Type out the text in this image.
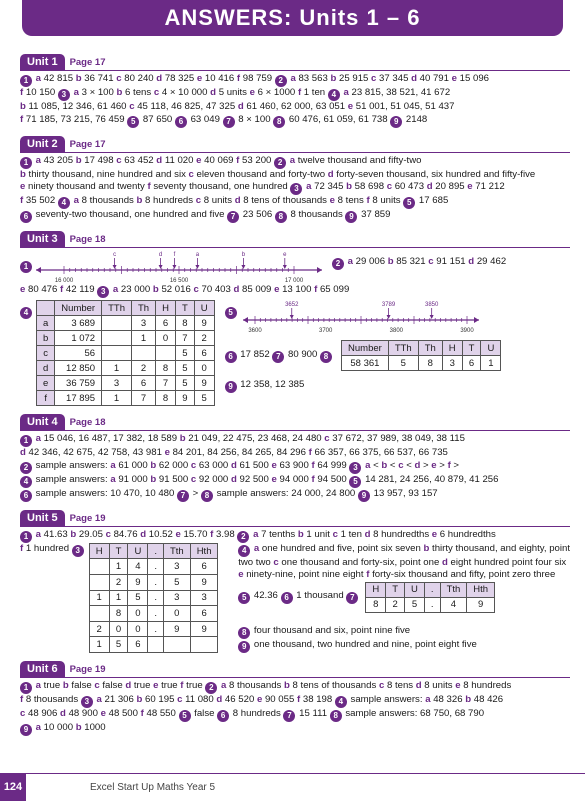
ANSWERS: Units 1 – 6
Unit 1	Page 17
1 a 42 815 b 36 741 c 80 240 d 78 325 e 10 416 f 98 759 2 a 83 563 b 25 915 c 37 345 d 40 791 e 15 096
f 10 150 3 a 3 × 100 b 6 tens c 4 × 10 000 d 5 units e 6 × 1000 f 1 ten 4 a 23 815, 38 521, 41 672
b 11 085, 12 346, 61 460 c 45 118, 46 825, 47 325 d 61 460, 62 000, 63 051 e 51 001, 51 045, 51 437
f 71 185, 73 215, 76 459 5 87 650 6 63 049 7 8 × 100 8 60 476, 61 059, 61 738 9 2148
Unit 2	Page 17
1 a 43 205 b 17 498 c 63 452 d 11 020 e 40 069 f 53 200 2 a twelve thousand and fifty-two
b thirty thousand, nine hundred and six c eleven thousand and forty-two d forty-seven thousand, six hundred and fifty-five
e ninety thousand and twenty f seventy thousand, one hundred 3 a 72 345 b 58 698 c 60 473 d 20 895 e 71 212
f 35 502 4 a 8 thousands b 8 hundreds c 8 units d 8 tens of thousands e 8 tens f 8 units 5 17 685
6 seventy-two thousand, one hundred and five 7 23 506 8 8 thousands 9 37 859
Unit 3	Page 18
1
16 000	16 500	17 000
a	b
c	d	e
f
2 a 29 006 b 85 321 c 91 151 d 29 462
e 80 476 f 42 119 3 a 23 000 b 52 016 c 70 403 d 85 009 e 13 100 f 65 099
4
		Number	TTh	Th	H	T	U
a	3 689		3	6	8	9
b	1 072		1	0	7	2
c	56				5	6
d	12 850	1	2	8	5	0
e	36 759	3	6	7	5	9
f	17 895	1	7	8	9	5
5
3600	3700	3800	3900
3652	3789	3850
6 17 852 7 80 900 8
Number	TTh	Th	H	T	U
58 361	5	8	3	6	1
9 12 358, 12 385
Unit 4	Page 18
1 a 15 046, 16 487, 17 382, 18 589 b 21 049, 22 475, 23 468, 24 480 c 37 672, 37 989, 38 049, 38 115
d 42 346, 42 675, 42 758, 43 981 e 84 201, 84 256, 84 265, 84 296 f 66 357, 66 375, 66 537, 66 735
2 sample answers: a 61 000 b 62 000 c 63 000 d 61 500 e 63 900 f 64 999 3 a < b < c < d > e > f >
4 sample answers: a 91 000 b 91 500 c 92 000 d 92 500 e 94 000 f 94 500 5 14 281, 24 256, 40 879, 41 256
6 sample answers: 10 470, 10 480 7 > 8 sample answers: 24 000, 24 800 9 13 957, 93 157
Unit 5	Page 19
1 a 41.63 b 29.05 c 84.76 d 10.52 e 15.70 f 3.98 2 a 7 tenths b 1 unit c 1 ten d 8 hundredths e 6 hundredths
f 1 hundred 3	H	T	U	.	Tth	Hth
	1	4	.	3	6
	2	9	.	5	9
1	1	5	.	3	3
	8	0	.	0	6
2	0	0	.	9	9
1	5	6			
4 a one hundred and five, point six seven b thirty thousand, and eighty, point
two two c one thousand and forty-six, point one d eight hundred point four six
e ninety-nine, point nine eight f forty-six thousand and fifty, point zero three
5 42.36 6 1 thousand 7
H	T	U	.	Tth	Hth
8	2	5	.	4	9
8 four thousand and six, point nine five
9 one thousand, two hundred and nine, point eight five
Unit 6	Page 19
1 a true b false c false d true e true f true 2 a 8 thousands b 8 tens of thousands c 8 tens d 8 units e 8 hundreds
f 8 thousands 3 a 21 306 b 60 195 c 11 080 d 46 520 e 90 055 f 38 198 4 sample answers: a 48 326 b 48 426
c 48 906 d 48 900 e 48 500 f 48 550 5 false 6 8 hundreds 7 15 111 8 sample answers: 68 750, 68 790
9 a 10 000 b 1000
124	Excel Start Up Maths Year 5
